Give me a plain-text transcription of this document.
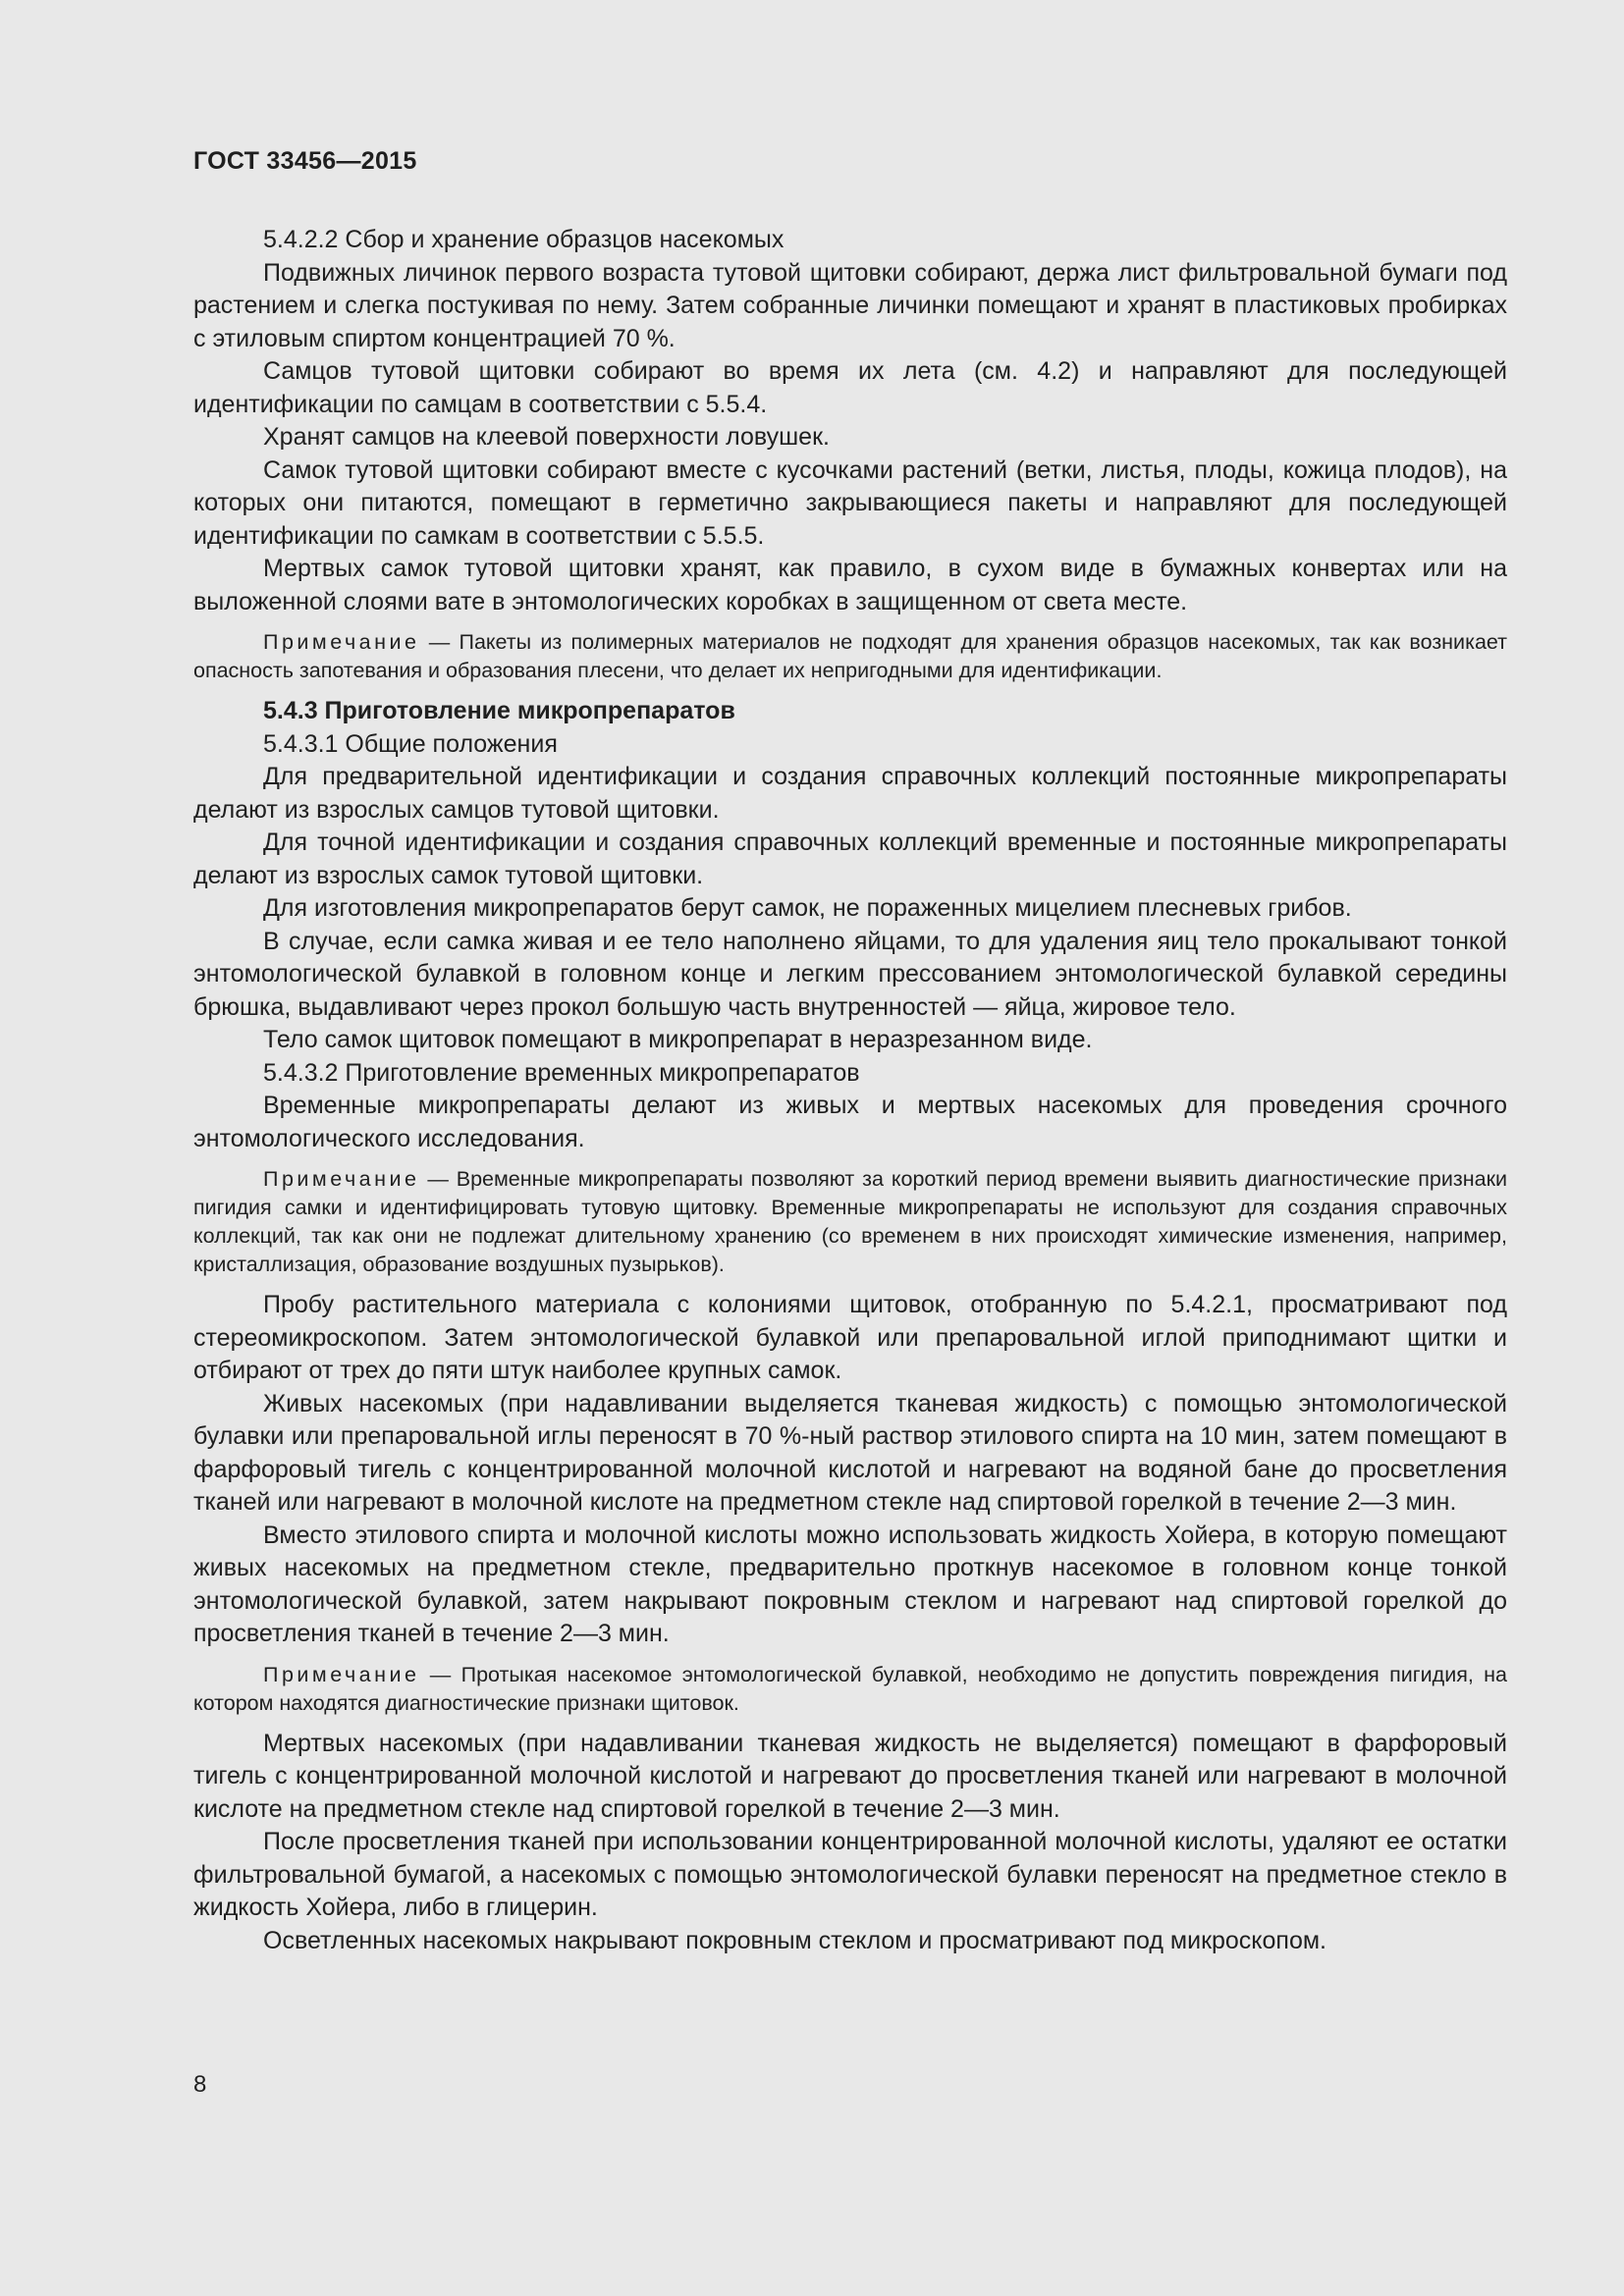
ГОСТ 33456—2015

5.4.2.2 Сбор и хранение образцов насекомых

Подвижных личинок первого возраста тутовой щитовки собирают, держа лист фильтровальной бумаги под растением и слегка постукивая по нему. Затем собранные личинки помещают и хранят в пластиковых пробирках с этиловым спиртом концентрацией 70 %.

Самцов тутовой щитовки собирают во время их лета (см. 4.2) и направляют для последующей идентификации по самцам в соответствии с 5.5.4.

Хранят самцов на клеевой поверхности ловушек.

Самок тутовой щитовки собирают вместе с кусочками растений (ветки, листья, плоды, кожица плодов), на которых они питаются, помещают в герметично закрывающиеся пакеты и направляют для последующей идентификации по самкам в соответствии с 5.5.5.

Мертвых самок тутовой щитовки хранят, как правило, в сухом виде в бумажных конвертах или на выложенной слоями вате в энтомологических коробках в защищенном от света месте.

Примечание — Пакеты из полимерных материалов не подходят для хранения образцов насекомых, так как возникает опасность запотевания и образования плесени, что делает их непригодными для идентификации.

5.4.3 Приготовление микропрепаратов

5.4.3.1 Общие положения

Для предварительной идентификации и создания справочных коллекций постоянные микропрепараты делают из взрослых самцов тутовой щитовки.

Для точной идентификации и создания справочных коллекций временные и постоянные микропрепараты делают из взрослых самок тутовой щитовки.

Для изготовления микропрепаратов берут самок, не пораженных мицелием плесневых грибов.

В случае, если самка живая и ее тело наполнено яйцами, то для удаления яиц тело прокалывают тонкой энтомологической булавкой в головном конце и легким прессованием энтомологической булавкой середины брюшка, выдавливают через прокол большую часть внутренностей — яйца, жировое тело.

Тело самок щитовок помещают в микропрепарат в неразрезанном виде.

5.4.3.2 Приготовление временных микропрепаратов

Временные микропрепараты делают из живых и мертвых насекомых для проведения срочного энтомологического исследования.

Примечание — Временные микропрепараты позволяют за короткий период времени выявить диагностические признаки пигидия самки и идентифицировать тутовую щитовку. Временные микропрепараты не используют для создания справочных коллекций, так как они не подлежат длительному хранению (со временем в них происходят химические изменения, например, кристаллизация, образование воздушных пузырьков).

Пробу растительного материала с колониями щитовок, отобранную по 5.4.2.1, просматривают под стереомикроскопом. Затем энтомологической булавкой или препаровальной иглой приподнимают щитки и отбирают от трех до пяти штук наиболее крупных самок.

Живых насекомых (при надавливании выделяется тканевая жидкость) с помощью энтомологической булавки или препаровальной иглы переносят в 70 %-ный раствор этилового спирта на 10 мин, затем помещают в фарфоровый тигель с концентрированной молочной кислотой и нагревают на водяной бане до просветления тканей или нагревают в молочной кислоте на предметном стекле над спиртовой горелкой в течение 2—3 мин.

Вместо этилового спирта и молочной кислоты можно использовать жидкость Хойера, в которую помещают живых насекомых на предметном стекле, предварительно проткнув насекомое в головном конце тонкой энтомологической булавкой, затем накрывают покровным стеклом и нагревают над спиртовой горелкой до просветления тканей в течение 2—3 мин.

Примечание — Протыкая насекомое энтомологической булавкой, необходимо не допустить повреждения пигидия, на котором находятся диагностические признаки щитовок.

Мертвых насекомых (при надавливании тканевая жидкость не выделяется) помещают в фарфоровый тигель с концентрированной молочной кислотой и нагревают до просветления тканей или нагревают в молочной кислоте на предметном стекле над спиртовой горелкой в течение 2—3 мин.

После просветления тканей при использовании концентрированной молочной кислоты, удаляют ее остатки фильтровальной бумагой, а насекомых с помощью энтомологической булавки переносят на предметное стекло в жидкость Хойера, либо в глицерин.

Осветленных насекомых накрывают покровным стеклом и просматривают под микроскопом.

8
